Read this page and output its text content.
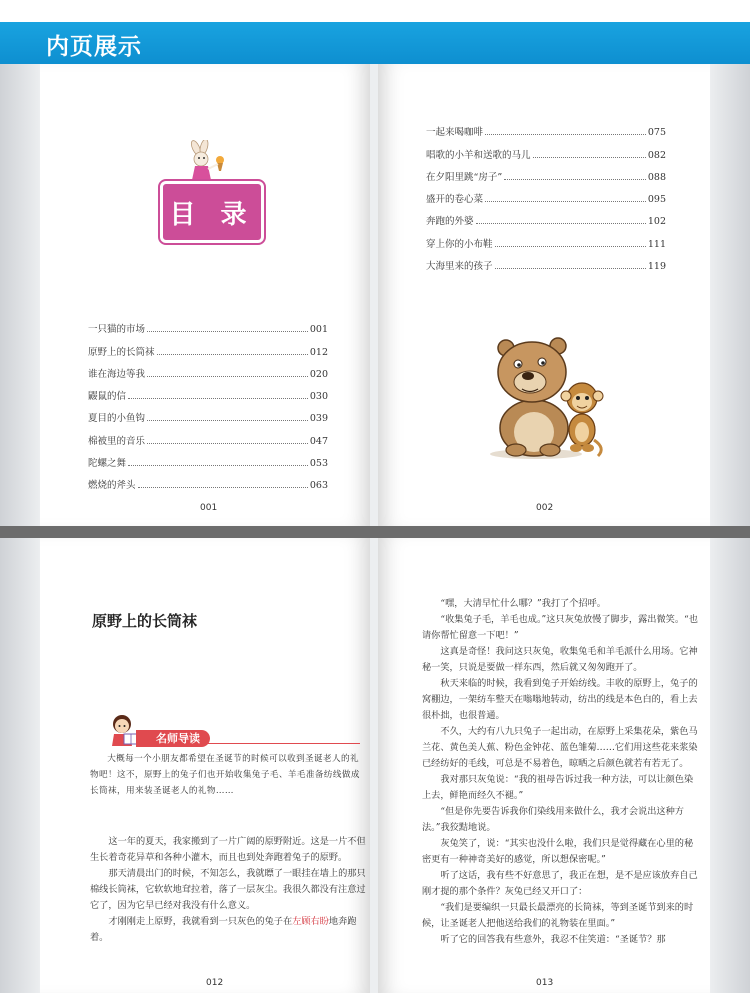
内页展示
目 录
一只猫的市场	001
原野上的长筒袜	012
谁在海边等我	020
鼹鼠的信	030
夏目的小鱼钩	039
棉被里的音乐	047
陀螺之舞	053
燃烧的斧头	063
001
一起来喝咖啡	075
唱歌的小羊和送歌的马儿	082
在夕阳里跳“房子”	088
盛开的卷心菜	095
奔跑的外婆	102
穿上你的小布鞋	111
大海里来的孩子	119
002
原野上的长筒袜
名师导读
大概每一个小朋友都希望在圣诞节的时候可以收到圣诞老人的礼物吧！这不，原野上的兔子们也开始收集兔子毛、羊毛准备纺线做成长筒袜，用来装圣诞老人的礼物……

这一年的夏天，我家搬到了一片广阔的原野附近。这是一片不但生长着奇花异草和各种小灌木，而且也到处奔跑着兔子的原野。

那天清晨出门的时候，不知怎么，我就瞟了一眼挂在墙上的那只棉线长筒袜，它软软地耷拉着，落了一层灰尘。我很久都没有注意过它了，因为它早已经对我没有什么意义。

才刚刚走上原野，我就看到一只灰色的兔子在左顾右盼地奔跑着。

012

“嘿，大清早忙什么哪？”我打了个招呼。

“收集兔子毛，羊毛也成。”这只灰兔放慢了脚步，露出微笑。“也请你帮忙留意一下吧！”

这真是奇怪！我问这只灰兔，收集兔毛和羊毛派什么用场。它神秘一笑，只说是要做一样东西，然后就又匆匆跑开了。

秋天来临的时候，我看到兔子开始纺线。丰收的原野上，兔子的窝棚边，一架纺车整天在嗡嗡地转动，纺出的线是本色白的，看上去很朴拙，也很普通。

不久，大约有八九只兔子一起出动，在原野上采集花朵，紫色马兰花、黄色美人蕉、粉色金钟花、蓝色雏菊……它们用这些花来浆染已经纺好的毛线，可总是不易着色，晾晒之后颜色就若有若无了。

我对那只灰兔说：“我的祖母告诉过我一种方法，可以让颜色染上去，鲜艳而经久不褪。”

“但是你先要告诉我你们染线用来做什么，我才会说出这种方法。”我狡黠地说。

灰兔笑了，说：“其实也没什么啦，我们只是觉得藏在心里的秘密更有一种神奇美好的感觉，所以想保密呢。”

听了这话，我有些不好意思了，我正在想，是不是应该放弃自己刚才提的那个条件？灰兔已经又开口了：

“我们是要编织一只最长最漂亮的长筒袜，等到圣诞节到来的时候，让圣诞老人把他送给我们的礼物装在里面。”

听了它的回答我有些意外，我忍不住笑道：“圣诞节？那

013
